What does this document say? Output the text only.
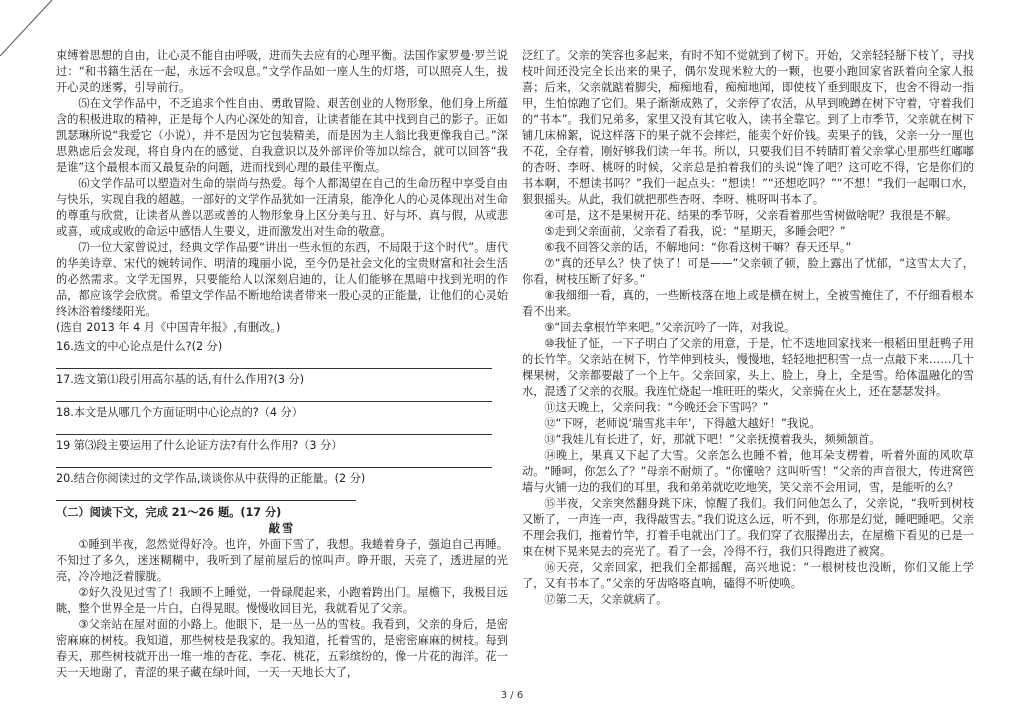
束缚着思想的自由，让心灵不能自由呼吸，进而失去应有的心理平衡。法国作家罗曼·罗兰说过：“和书籍生活在一起，永远不会叹息。”文学作品如一座人生的灯塔，可以照亮人生，拔开心灵的迷雾，引导前行。

⑸在文学作品中，不乏追求个性自由、勇敢冒险、艰苦创业的人物形象，他们身上所蕴含的积极进取的精神，正是每个人内心深处的知音，让读者能在其中找到自己的影子。正如凯瑟琳所说“我爱它（小说），并不是因为它包装精美，而是因为主人翁比我更像我自己。”深思熟虑后会发现，将自身内在的感觉、自我意识以及外部评价等加以综合，就可以回答“我是谁”这个最根本而又最复杂的问题，进而找到心理的最佳平衡点。

⑹文学作品可以塑造对生命的崇尚与热爱。每个人都渴望在自己的生命历程中享受自由与快乐，实现自我的超越。一部好的文学作品犹如一汪清泉，能净化人的心灵体现出对生命的尊重与欣赏，让读者从善以恶或善的人物形象身上区分美与丑、好与坏、真与假，从或悲或喜，或成或败的命运中感悟人生要义，进而激发出对生命的敬意。

⑺一位大家曾说过，经典文学作品要“讲出一些永恒的东西，不局限于这个时代”。唐代的华美诗章、宋代的婉转词作、明清的瑰丽小说，至今仍是社会文化的宝贵财富和社会生活的必然需求。文学无国界，只要能给人以深刻启迪的，让人们能够在黑暗中找到光明的作品，都应该学会欣赏。希望文学作品不断地给读者带来一股心灵的正能量，让他们的心灵始终沐浴着缕缕阳光。

(选自 2013 年 4 月《中国青年报》,有删改。)

16.选文的中心论点是什么?(2 分)

17.选文第⑴段引用高尔基的话,有什么作用?(3 分)

18.本文是从哪几个方面证明中心论点的?（4 分）

19 第⑶段主要运用了什么论证方法?有什么作用?（3 分）

20.结合你阅读过的文学作品,谈谈你从中获得的正能量。(2 分)

（二）阅读下文，完成 21～26 题。(17 分)

敲雪

①睡到半夜，忽然觉得好冷。也许，外面下雪了，我想。我蜷着身子，强迫自己再睡。不知过了多久，迷迷糊糊中，我听到了屋前屋后的惊叫声。睁开眼，天亮了，透进屋的光亮，冷冷地泛着朦胧。

②好久没见过雪了！我顾不上睡觉，一骨碌爬起来，小跑着跨出门。屋檐下，我极目远眺，整个世界全是一片白，白得晃眼。慢慢收回目光，我就看见了父亲。

③父亲站在屋对面的小路上。他眼下，是一丛一丛的雪枝。我看到，父亲的身后，是密密麻麻的树枝。我知道，那些树枝是我家的。我知道，托着雪的，是密密麻麻的树枝。每到春天，那些树枝就开出一堆一堆的杏花、李花、桃花，五彩缤纷的，像一片花的海洋。花一天一天地谢了，青涩的果子藏在绿叶间，一天一天地长大了，

泛红了。父亲的笑容也多起来，有时不知不觉就到了树下。开始，父亲轻轻掰下枝丫，寻找枝叶间还没完全长出来的果子，偶尔发现米粒大的一颗，也要小跑回家省跃着向全家人报喜；后来，父亲就踮着脚尖，痴痴地看，痴痴地闻，即使枝丫垂到眼皮下，也舍不得动一指甲，生怕惊跑了它们。果子渐渐成熟了，父亲停了农活，从早到晚蹲在树下守着，守着我们的“书本”。我们兄弟多，家里又没有其它收入，读书全靠它。到了上市季节，父亲就在树下铺几床棉絮，说这样落下的果子就不会摔烂，能卖个好价钱。卖果子的钱，父亲一分一厘也不花，全存着，刚好够我们读一年书。所以，只要我们目不转睛盯着父亲掌心里那些红嘟嘟的杏呀、李呀、桃呀的时候，父亲总是拍着我们的头说“馋了吧？这可吃不得，它是你们的书本啊，不想读书吗？”我们一起点头：“想读！”“还想吃吗？”“不想！”我们一起咽口水，狠狠摇头。从此，我们就把那些杏呀、李呀、桃呀叫书本了。

④可是，这不是果树开花、结果的季节呀，父亲看着那些雪树做啥呢？我很是不解。

⑤走到父亲面前，父亲看了看我，说：“星期天，多睡会吧？”

⑥我不回答父亲的话，不解地问：“你看这树干嘛？春天还早。”

⑦“真的还早么？快了快了！可是——”父亲顿了顿，脸上露出了忧郁，“这雪太大了，你看，树枝压断了好多。”

⑧我细细一看，真的，一些断枝落在地上或是横在树上，全被雪掩住了，不仔细看根本看不出来。

⑨“回去拿根竹竿来吧。”父亲沉吟了一阵，对我说。

⑩我怔了怔，一下子明白了父亲的用意，于是，忙不迭地回家找来一根稻田里赶鸭子用的长竹竿。父亲站在树下，竹竿伸到枝头，慢慢地，轻轻地把积雪一点一点敲下来……几十棵果树，父亲都要敲了一个上午。父亲回家，头上、脸上，身上，全是雪。给体温融化的雪水，混透了父亲的衣服。我连忙烧起一堆旺旺的柴火，父亲骑在火上，还在瑟瑟发抖。

⑪这天晚上，父亲问我：“今晚还会下雪吗？”

⑫“下呀，老师说‘瑞雪兆丰年’，下得越大越好！”我说。

⑬“我娃儿有长进了，好，那就下吧！”父亲抚摸着我头，频频颔首。

⑭晚上，果真又下起了大雪。父亲怎么也睡不着，他耳朵支楞着，听着外面的风吹草动。“睡呵，你怎么了？”母亲不耐烦了。“你懂啥？这叫听雪！”父亲的声音很大，传进窝笆墙与火铺一边的我们的耳里，我和弟弟就吃吃地笑，笑父亲不会用词，雪，是能听的么？

⑮半夜，父亲突然翻身跳下床，惊醒了我们。我们问他怎么了，父亲说，“我听到树枝又断了，一声连一声，我得敲雪去。”我们说这么远，听不到，你那是幻觉，睡吧睡吧。父亲不理会我们，拖着竹竿，打着手电就出门了。我们穿了衣服撵出去，在屋檐下看见的已是一束在树下晃来晃去的亮光了。看了一会，冷得不行，我们只得跑进了被窝。

⑯天亮，父亲回家，把我们全都摇醒，高兴地说：“一根树枝也没断，你们又能上学了，又有书本了。”父亲的牙齿咯咯直响，磕得不听使唤。

⑰第二天，父亲就病了。

3 / 6
